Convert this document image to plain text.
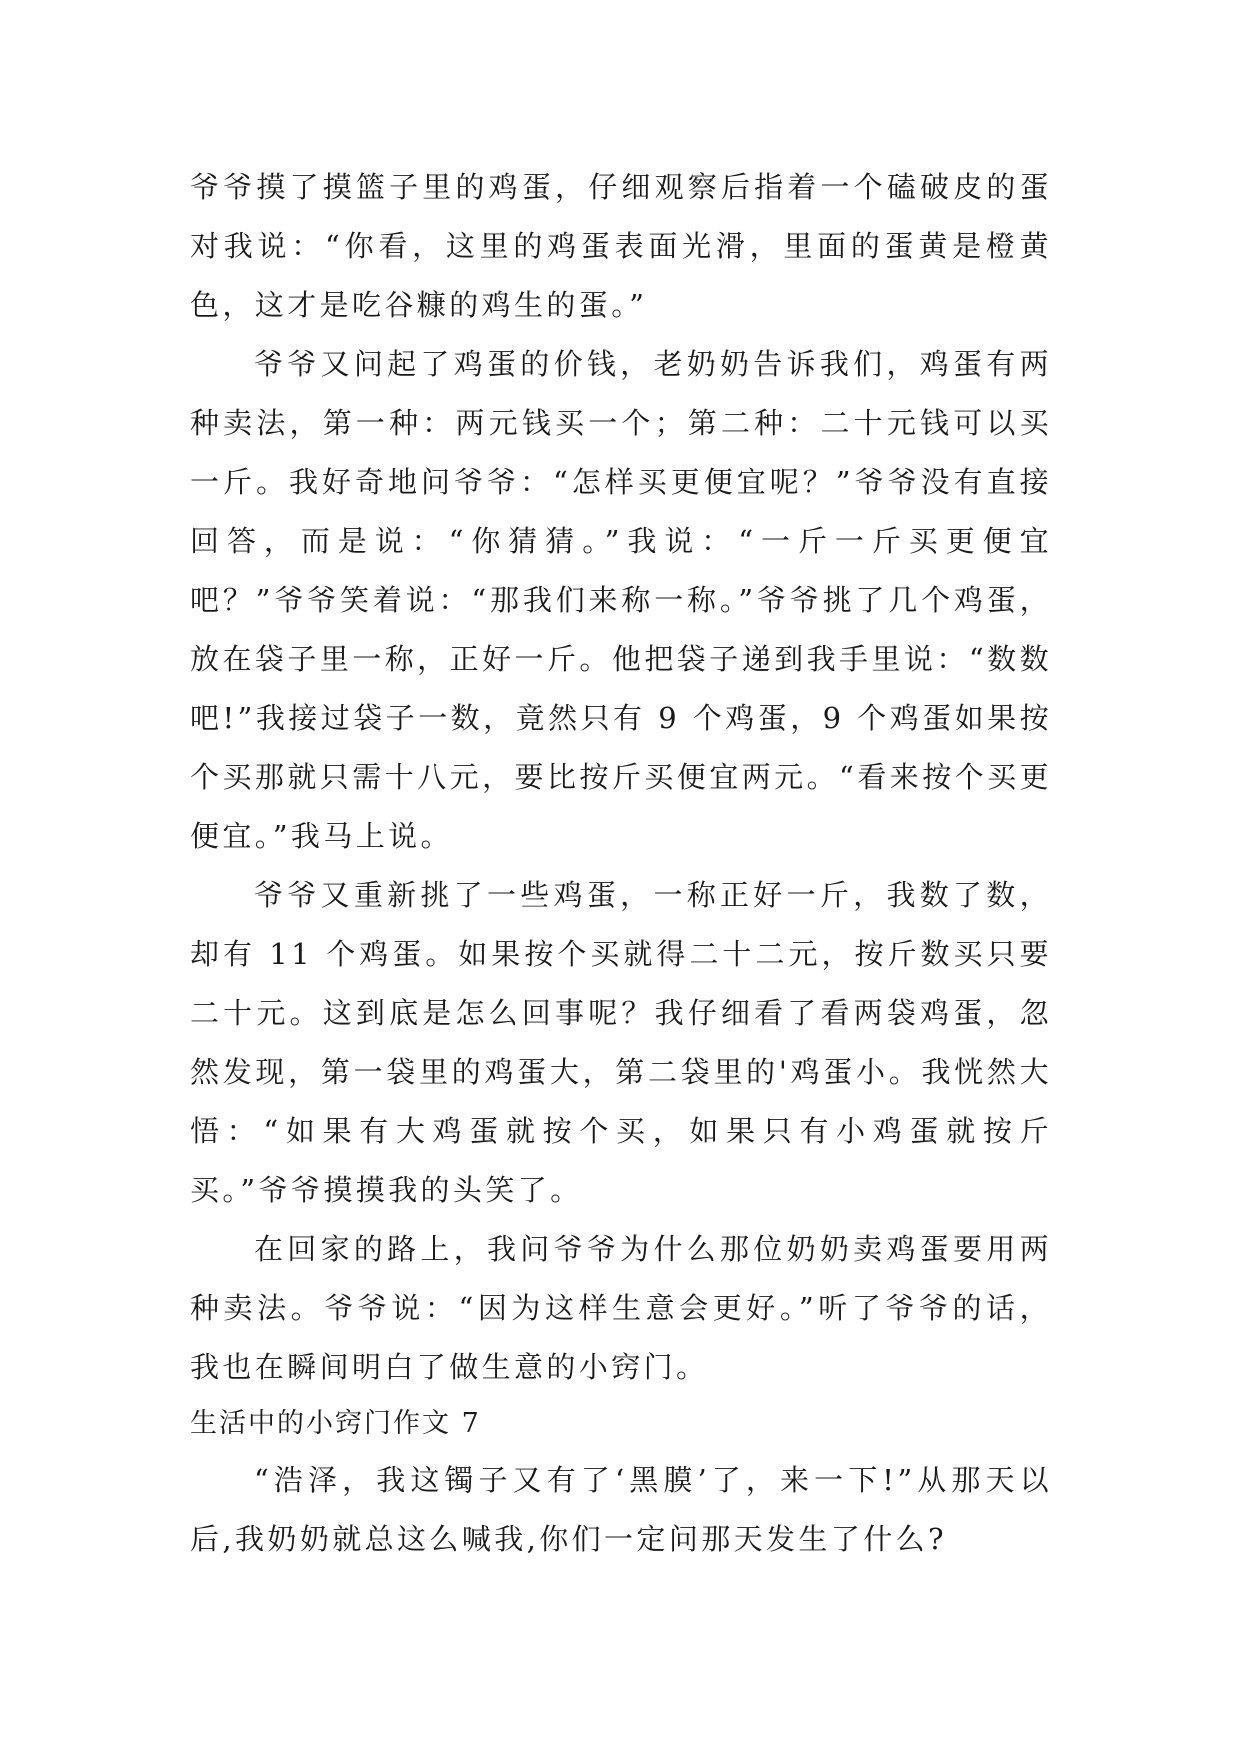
爷爷摸了摸篮子里的鸡蛋，仔细观察后指着一个磕破皮的蛋对我说：“你看，这里的鸡蛋表面光滑，里面的蛋黄是橙黄色，这才是吃谷糠的鸡生的蛋。”

爷爷又问起了鸡蛋的价钱，老奶奶告诉我们，鸡蛋有两种卖法，第一种：两元钱买一个；第二种：二十元钱可以买一斤。我好奇地问爷爷：“怎样买更便宜呢？”爷爷没有直接回答，而是说：“你猜猜。”我说：“一斤一斤买更便宜吧？”爷爷笑着说：“那我们来称一称。”爷爷挑了几个鸡蛋，放在袋子里一称，正好一斤。他把袋子递到我手里说：“数数吧!”我接过袋子一数，竟然只有 9 个鸡蛋，9 个鸡蛋如果按个买那就只需十八元，要比按斤买便宜两元。“看来按个买更便宜。”我马上说。

爷爷又重新挑了一些鸡蛋，一称正好一斤，我数了数，却有 11 个鸡蛋。如果按个买就得二十二元，按斤数买只要二十元。这到底是怎么回事呢？我仔细看了看两袋鸡蛋，忽然发现，第一袋里的鸡蛋大，第二袋里的'鸡蛋小。我恍然大悟：“如果有大鸡蛋就按个买，如果只有小鸡蛋就按斤买。”爷爷摸摸我的头笑了。

在回家的路上，我问爷爷为什么那位奶奶卖鸡蛋要用两种卖法。爷爷说：“因为这样生意会更好。”听了爷爷的话，我也在瞬间明白了做生意的小窍门。

生活中的小窍门作文 7

“浩泽，我这镯子又有了‘黑膜’了，来一下!”从那天以后,我奶奶就总这么喊我,你们一定问那天发生了什么?
